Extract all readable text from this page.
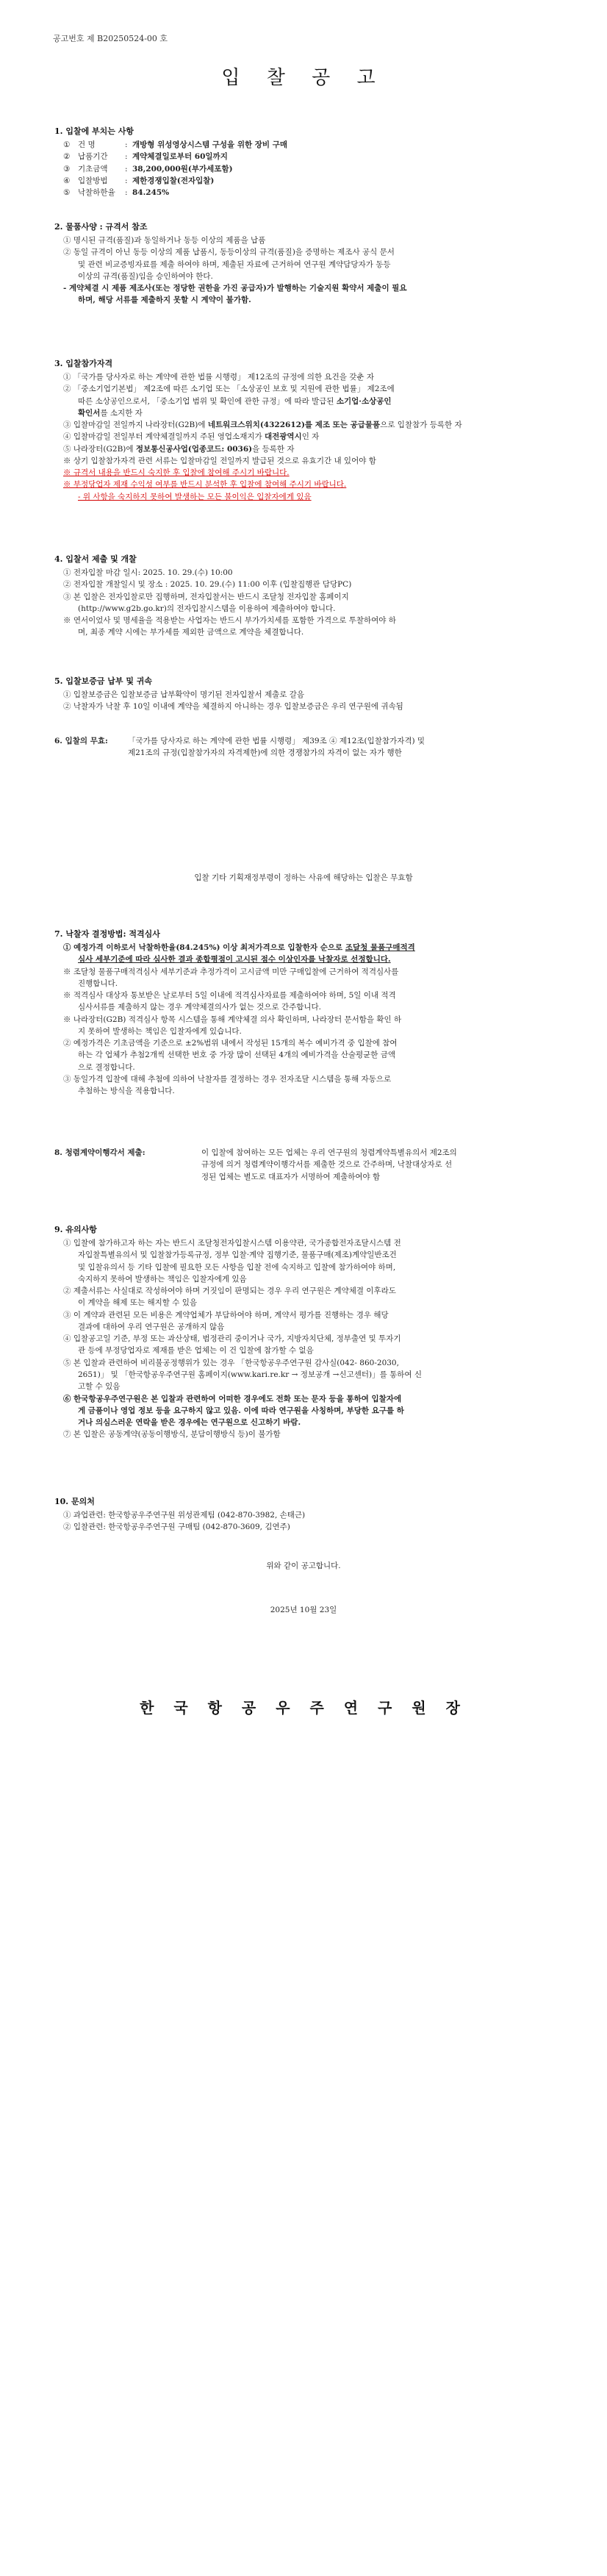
공고번호 제 B20250524-00 호
입 찰 공 고
1. 입찰에 부치는 사항
①	건 명	: 개방형 위성영상시스템 구성을 위한 장비 구매
②	납품기간	: 계약체결일로부터 60일까지
③	기초금액	: 38,200,000원(부가세포함)
④	입찰방법	: 제한경쟁입찰(전자입찰)
⑤	낙찰하한율	: 84.245%
2. 물품사양 : 규격서 참조

① 명시된 규격(품질)과 동일하거나 동등 이상의 제품을 납품

② 동일 규격이 아닌 동등 이상의 제품 납품시, 동등이상의 규격(품질)을 증명하는 제조사 공식 문서

및 관련 비교증빙자료를 제출 하여야 하며, 제출된 자료에 근거하여 연구원 계약담당자가 동등

이상의 규격(품질)임을 승인하여야 한다.

- 계약체결 시 제품 제조사(또는 정당한 권한을 가진 공급자)가 발행하는 기술지원 확약서 제출이 필요

하며, 해당 서류를 제출하지 못할 시 계약이 불가함.

3. 입찰참가자격

① 「국가를 당사자로 하는 계약에 관한 법률 시행령」 제12조의 규정에 의한 요건을 갖춘 자

② 「중소기업기본법」 제2조에 따른 소기업 또는 「소상공인 보호 및 지원에 관한 법률」 제2조에

따른 소상공인으로서, 「중소기업 범위 및 확인에 관한 규정」에 따라 발급된 소기업·소상공인

확인서를 소지한 자

③ 입찰마감일 전일까지 나라장터(G2B)에 네트워크스위치(4322612)를 제조 또는 공급물품으로 입찰참가 등록한 자

④ 입찰마감일 전일부터 계약체결일까지 주된 영업소재지가 대전광역시인 자

⑤ 나라장터(G2B)에 정보통신공사업(업종코드: 0036)을 등록한 자

※ 상기 입찰참가자격 관련 서류는 입찰마감일 전일까지 발급된 것으로 유효기간 내 있어야 함

※ 규격서 내용을 반드시 숙지한 후 입찰에 참여해 주시기 바랍니다.

※ 부정당업자 제재 수익성 여부를 반드시 분석한 후 입찰에 참여해 주시기 바랍니다.

- 위 사항을 숙지하지 못하여 발생하는 모든 불이익은 입찰자에게 있음

4. 입찰서 제출 및 개찰

① 전자입찰 마감 일시: 2025. 10. 29.(수) 10:00

② 전자입찰 개찰일시 및 장소 : 2025. 10. 29.(수) 11:00 이후 (입찰집행관 담당PC)

③ 본 입찰은 전자입찰로만 집행하며, 전자입찰서는 반드시 조달청 전자입찰 홈페이지

(http://www.g2b.go.kr)의 전자입찰시스템을 이용하여 제출하여야 합니다.

※ 연서이었사 및 명세율을 적용받는 사업자는 반드시 부가가치세를 포함한 가격으로 투찰하여야 하

며, 최종 계약 시에는 부가세를 제외한 금액으로 계약을 체결합니다.

5. 입찰보증금 납부 및 귀속

① 입찰보증금은 입찰보증금 납부확약이 명기된 전자입찰서 제출로 갈음

② 낙찰자가 낙찰 후 10일 이내에 계약을 체결하지 아니하는 경우 입찰보증금은 우리 연구원에 귀속됨

6. 입찰의 무효:	「국가를 당사자로 하는 계약에 관한 법률 시행령」 제39조 ④ 제12조(입찰참가자격) 및

제21조의 규정(입찰참가자의 자격제한)에 의한 경쟁참가의 자격이 없는 자가 행한

입찰 기타 기획재정부령이 정하는 사유에 해당하는 입찰은 무효함
7. 낙찰자 결정방법: 적격심사

① 예정가격 이하로서 낙찰하한율(84.245%) 이상 최저가격으로 입찰한자 순으로 조달청 물품구매적격

심사 세부기준에 따라 심사한 결과 종합평점이 고시된 점수 이상인자를 낙찰자로 선정합니다.

※ 조달청 물품구매적격심사 세부기준과 추정가격이 고시금액 미만 구매입찰에 근거하여 적격심사를

진행합니다.

※ 적격심사 대상자 통보받은 날로부터 5일 이내에 적격심사자료를 제출하여야 하며, 5일 이내 적격

심사서류를 제출하지 않는 경우 계약체결의사가 없는 것으로 간주합니다.

※ 나라장터(G2B) 적격심사 항목 시스템을 통해 계약체결 의사 확인하며, 나라장터 문서함을 확인 하

지 못하여 발생하는 책임은 입찰자에게 있습니다.

② 예정가격은 기초금액을 기준으로 ±2%범위 내에서 작성된 15개의 복수 예비가격 중 입찰에 참여

하는 각 업체가 추첨2개씩 선택한 번호 중 가장 많이 선택된 4개의 예비가격을 산술평균한 금액

으로 결정합니다.

③ 동일가격 입찰에 대해 추첨에 의하여 낙찰자를 결정하는 경우 전자조달 시스템을 통해 자동으로

추첨하는 방식을 적용합니다.

8. 청렴계약이행각서 제출:	이 입찰에 참여하는 모든 업체는 우리 연구원의 청렴계약특별유의서 제2조의

규정에 의거 청렴계약이행각서를 제출한 것으로 간주하며, 낙찰대상자로 선

정된 업체는 별도로 대표자가 서명하여 제출하여야 함

9. 유의사항

① 입찰에 참가하고자 하는 자는 반드시 조달청전자입찰시스템 이용약관, 국가종합전자조달시스템 전

자입찰특별유의서 및 입찰참가등록규정, 정부 입찰·계약 집행기준, 물품구매(제조)계약일반조건

및 입찰유의서 등 기타 입찰에 필요한 모든 사항을 입찰 전에 숙지하고 입찰에 참가하여야 하며,

숙지하지 못하여 발생하는 책임은 입찰자에게 있음

② 제출서류는 사실대로 작성하여야 하며 거짓임이 판명되는 경우 우리 연구원은 계약체결 이후라도

이 계약을 해제 또는 해지할 수 있음

③ 이 계약과 관련된 모든 비용은 계약업체가 부담하여야 하며, 계약서 평가를 진행하는 경우 해당

결과에 대하여 우리 연구원은 공개하지 않음

④ 입찰공고일 기준, 부정 또는 과산상태, 범정관리 중이거나 국가, 지방자치단체, 정부출연 및 투자기

관 등에 부정당업자로 제재를 받은 업체는 이 건 입찰에 참가할 수 없음

⑤ 본 입찰과 관련하여 비리불공정행위가 있는 경우 「한국항공우주연구원 감사실(042- 860-2030,

2651)」 및 「한국항공우주연구원 홈페이지(www.kari.re.kr → 정보공개 →신고센터)」를 통하여 신

고할 수 있음

⑥ 한국항공우주연구원은 본 입찰과 관련하여 어떠한 경우에도 전화 또는 문자 등을 통하여 입찰자에

게 금품이나 영업 정보 등을 요구하지 않고 있음. 이에 따라 연구원을 사칭하며, 부당한 요구를 하

거나 의심스러운 연락을 받은 경우에는 연구원으로 신고하기 바람.

⑦ 본 입찰은 공동계약(공동이행방식, 분담이행방식 등)이 불가함

10. 문의처

① 과업관련: 한국항공우주연구원 위성관제팀 (042-870-3982, 손태근)

② 입찰관련: 한국항공우주연구원 구매팀 (042-870-3609, 김연주)

위와 같이 공고합니다.
2025년 10월 23일
한 국 항 공 우 주 연 구 원 장
